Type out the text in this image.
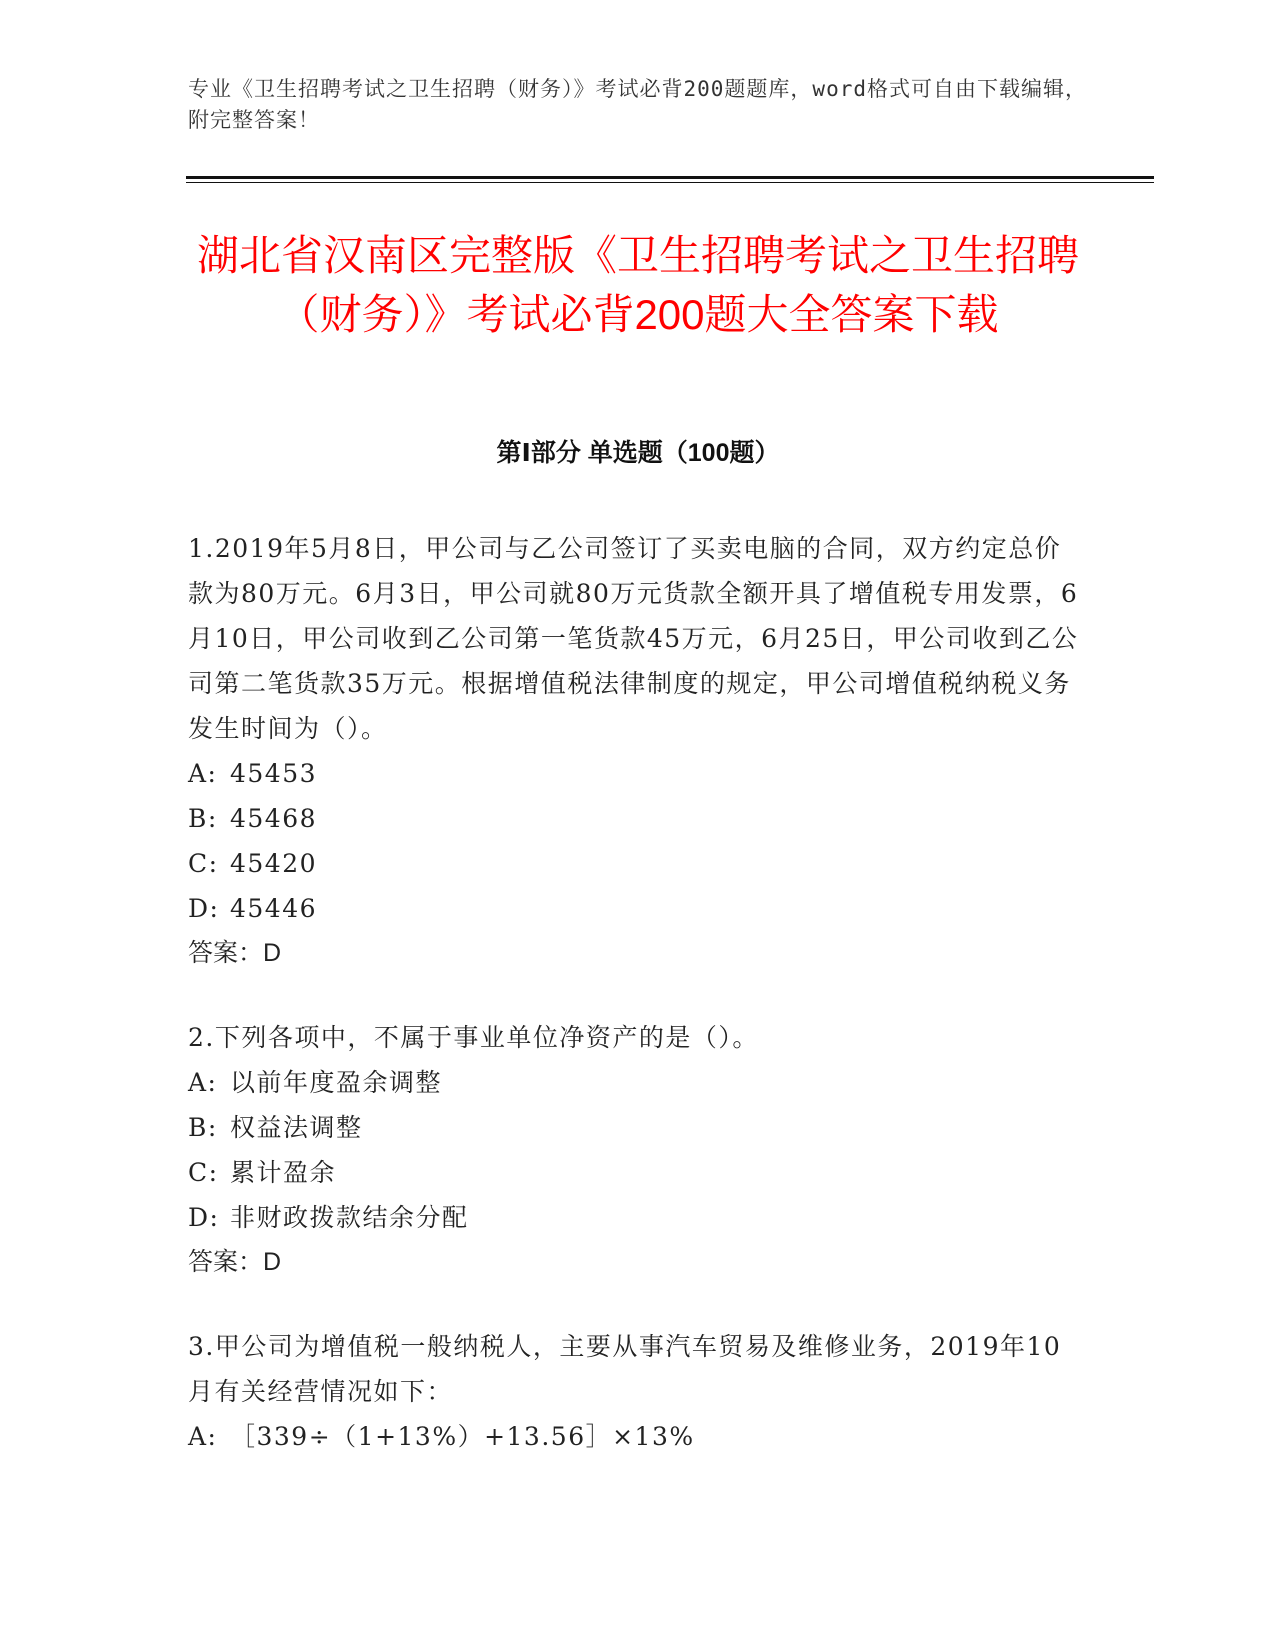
专业《卫生招聘考试之卫生招聘（财务）》考试必背200题题库，word格式可自由下载编辑，附完整答案！
湖北省汉南区完整版《卫生招聘考试之卫生招聘（财务）》考试必背200题大全答案下载
第Ⅰ部分 单选题（100题）

1.2019年5月8日，甲公司与乙公司签订了买卖电脑的合同，双方约定总价款为80万元。6月3日，甲公司就80万元货款全额开具了增值税专用发票，6月10日，甲公司收到乙公司第一笔货款45万元，6月25日，甲公司收到乙公司第二笔货款35万元。根据增值税法律制度的规定，甲公司增值税纳税义务发生时间为（）。

A: 45453

B: 45468

C: 45420

D: 45446

答案：D

2.下列各项中，不属于事业单位净资产的是（）。

A: 以前年度盈余调整

B: 权益法调整

C: 累计盈余

D: 非财政拨款结余分配

答案：D

3.甲公司为增值税一般纳税人，主要从事汽车贸易及维修业务，2019年10月有关经营情况如下：

A: ［339÷（1+13%）+13.56］×13%
